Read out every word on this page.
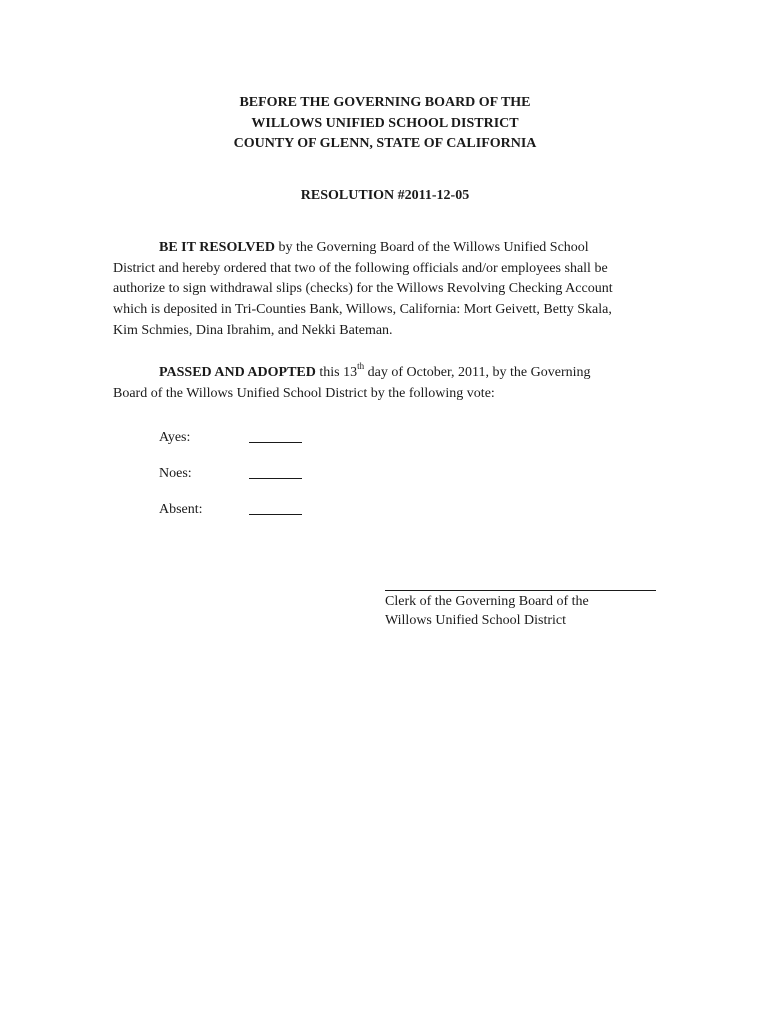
BEFORE THE GOVERNING BOARD OF THE
WILLOWS UNIFIED SCHOOL DISTRICT
COUNTY OF GLENN, STATE OF CALIFORNIA
RESOLUTION #2011-12-05
BE IT RESOLVED by the Governing Board of the Willows Unified School
District and hereby ordered that two of the following officials and/or employees shall be
authorize to sign withdrawal slips (checks) for the Willows Revolving Checking Account
which is deposited in Tri-Counties Bank, Willows, California: Mort Geivett, Betty Skala,
Kim Schmies, Dina Ibrahim, and Nekki Bateman.
PASSED AND ADOPTED this 13th day of October, 2011, by the Governing
Board of the Willows Unified School District by the following vote:
Ayes:
Noes:
Absent:
Clerk of the Governing Board of the
Willows Unified School District
